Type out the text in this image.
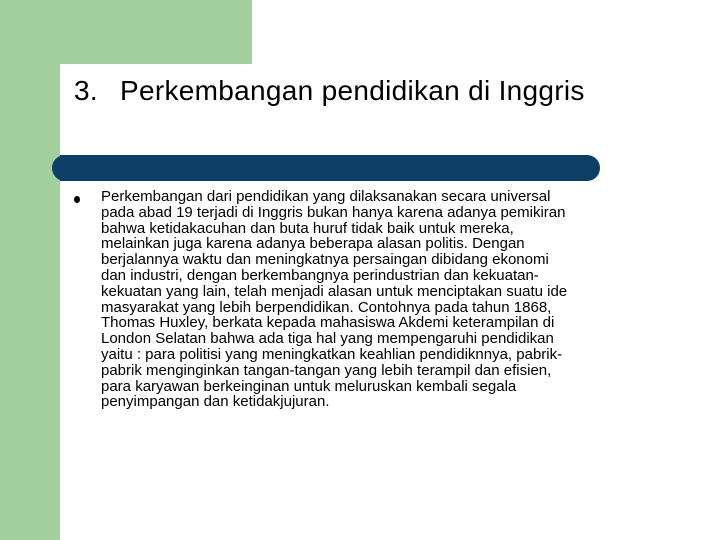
3. Perkembangan pendidikan di Inggris

Perkembangan dari pendidikan yang dilaksanakan secara universal
pada abad 19 terjadi di Inggris bukan hanya karena adanya pemikiran
bahwa ketidakacuhan dan buta huruf tidak baik untuk mereka,
melainkan juga karena adanya beberapa alasan politis. Dengan
berjalannya waktu dan meningkatnya persaingan dibidang ekonomi
dan industri, dengan berkembangnya perindustrian dan kekuatan-
kekuatan yang lain, telah menjadi alasan untuk menciptakan suatu ide
masyarakat yang lebih berpendidikan. Contohnya pada tahun 1868,
Thomas Huxley, berkata kepada mahasiswa Akdemi keterampilan di
London Selatan bahwa ada tiga hal yang mempengaruhi pendidikan
yaitu : para politisi yang meningkatkan keahlian pendidiknnya, pabrik-
pabrik menginginkan tangan-tangan yang lebih terampil dan efisien,
para karyawan berkeinginan untuk meluruskan kembali segala
penyimpangan dan ketidakjujuran.
